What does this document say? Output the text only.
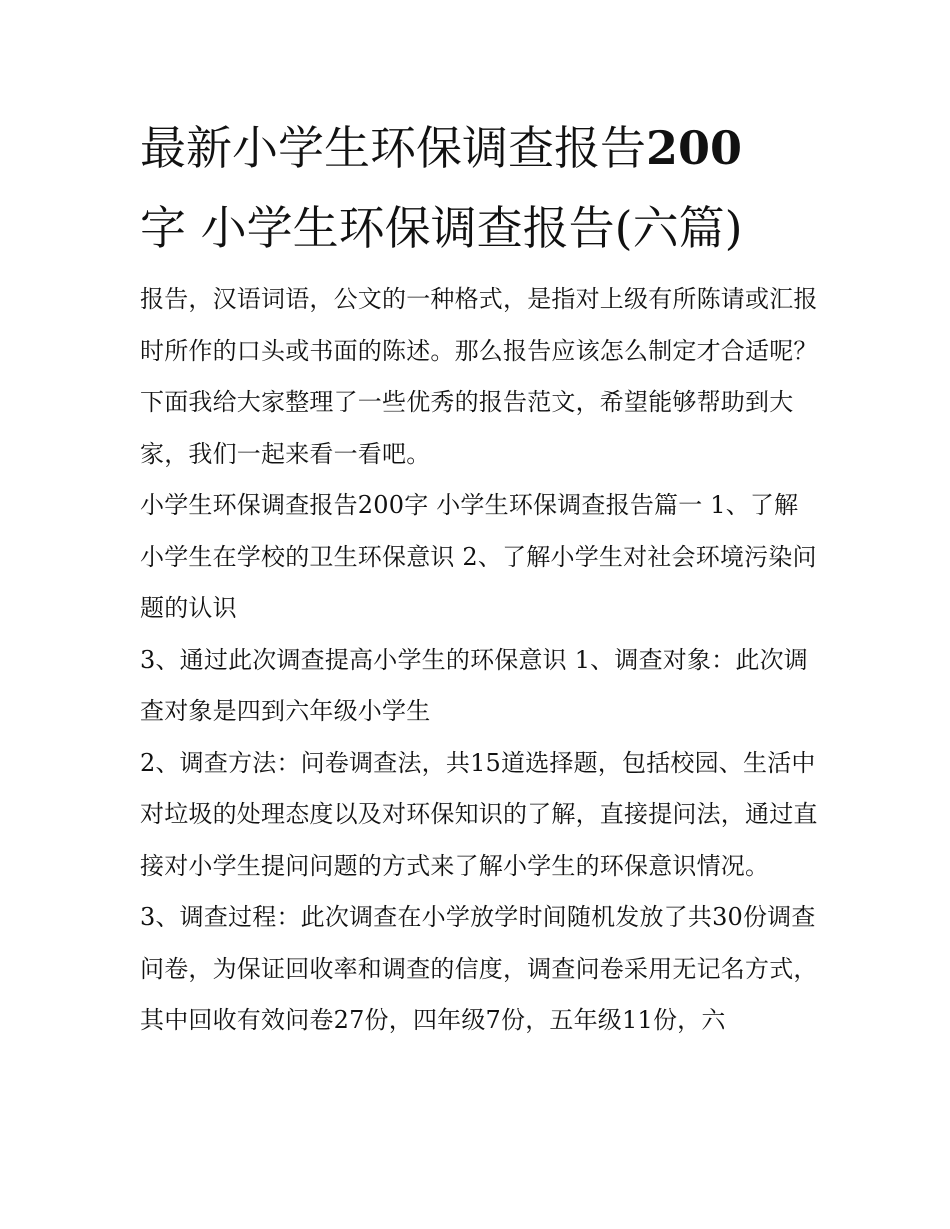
最新小学生环保调查报告200
字 小学生环保调查报告(六篇)

报告，汉语词语，公文的一种格式，是指对上级有所陈请或汇报时所作的口头或书面的陈述。那么报告应该怎么制定才合适呢？下面我给大家整理了一些优秀的报告范文，希望能够帮助到大家，我们一起来看一看吧。

小学生环保调查报告200字 小学生环保调查报告篇一 1、了解小学生在学校的卫生环保意识 2、了解小学生对社会环境污染问题的认识

3、通过此次调查提高小学生的环保意识 1、调查对象：此次调查对象是四到六年级小学生

2、调查方法：问卷调查法，共15道选择题，包括校园、生活中对垃圾的处理态度以及对环保知识的了解，直接提问法，通过直接对小学生提问问题的方式来了解小学生的环保意识情况。

3、调查过程：此次调查在小学放学时间随机发放了共30份调查问卷，为保证回收率和调查的信度，调查问卷采用无记名方式，其中回收有效问卷27份，四年级7份，五年级11份，六
